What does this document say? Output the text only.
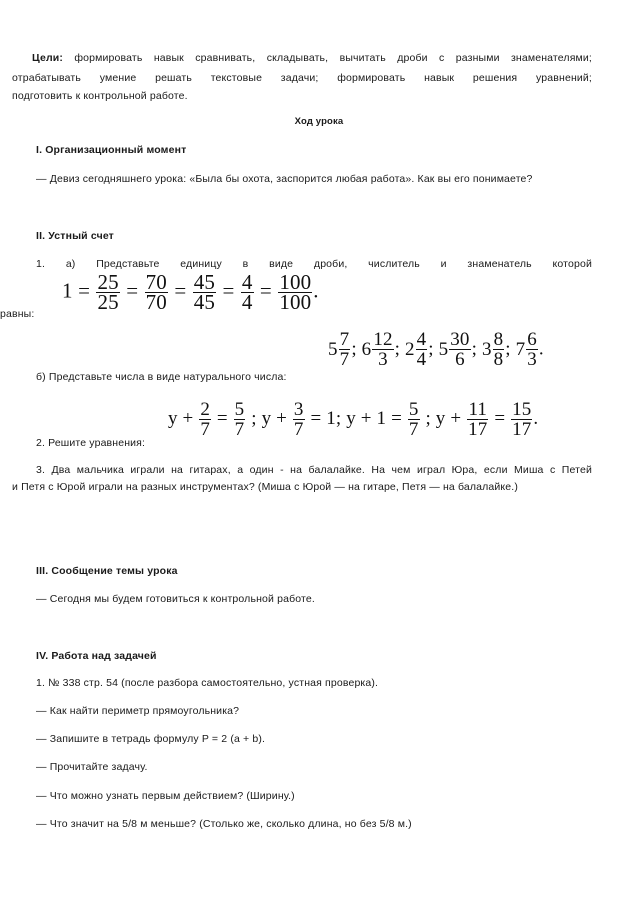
Цели: формировать навык сравнивать, складывать, вычитать дроби с разными знаменателями;
отрабатывать умение решать текстовые задачи; формировать навык решения уравнений;
подготовить к контрольной работе.
Ход урока
I. Организационный момент
— Девиз сегодняшнего урока: «Была бы охота, заспорится любая работа». Как вы его понимаете?
II. Устный счет
1. а) Представьте единицу в виде дроби, числитель и знаменатель которой
$1 = \frac{25}{25} = \frac{70}{70} = \frac{45}{45} = \frac{4}{4} = \frac{100}{100}$ .
равны:
$5 \frac{7}{7}$ ; $6 \frac{12}{3}$ ; $2 \frac{4}{4}$ ; $5 \frac{30}{6}$ ; $3 \frac{8}{8}$ ; $7 \frac{6}{3}$ .
б) Представьте числа в виде натурального числа:
$y + \frac{2}{7} = \frac{5}{7}$ ; $y + \frac{3}{7} = 1$; $y + 1 = \frac{5}{7}$ ; $y + \frac{11}{17} = \frac{15}{17}$ .
2. Решите уравнения:
3. Два мальчика играли на гитарах, а один - на балалайке. На чем играл Юра, если Миша с Петей
и Петя с Юрой играли на разных инструментах? (Миша с Юрой — на гитаре, Петя — на балалайке.)
III. Сообщение темы урока
— Сегодня мы будем готовиться к контрольной работе.
IV. Работа над задачей
1. № 338 стр. 54 (после разбора самостоятельно, устная проверка).
— Как найти периметр прямоугольника?
— Запишите в тетрадь формулу P = 2 (a + b).
— Прочитайте задачу.
— Что можно узнать первым действием? (Ширину.)
— Что значит на 5/8 м меньше? (Столько же, сколько длина, но без 5/8 м.)
